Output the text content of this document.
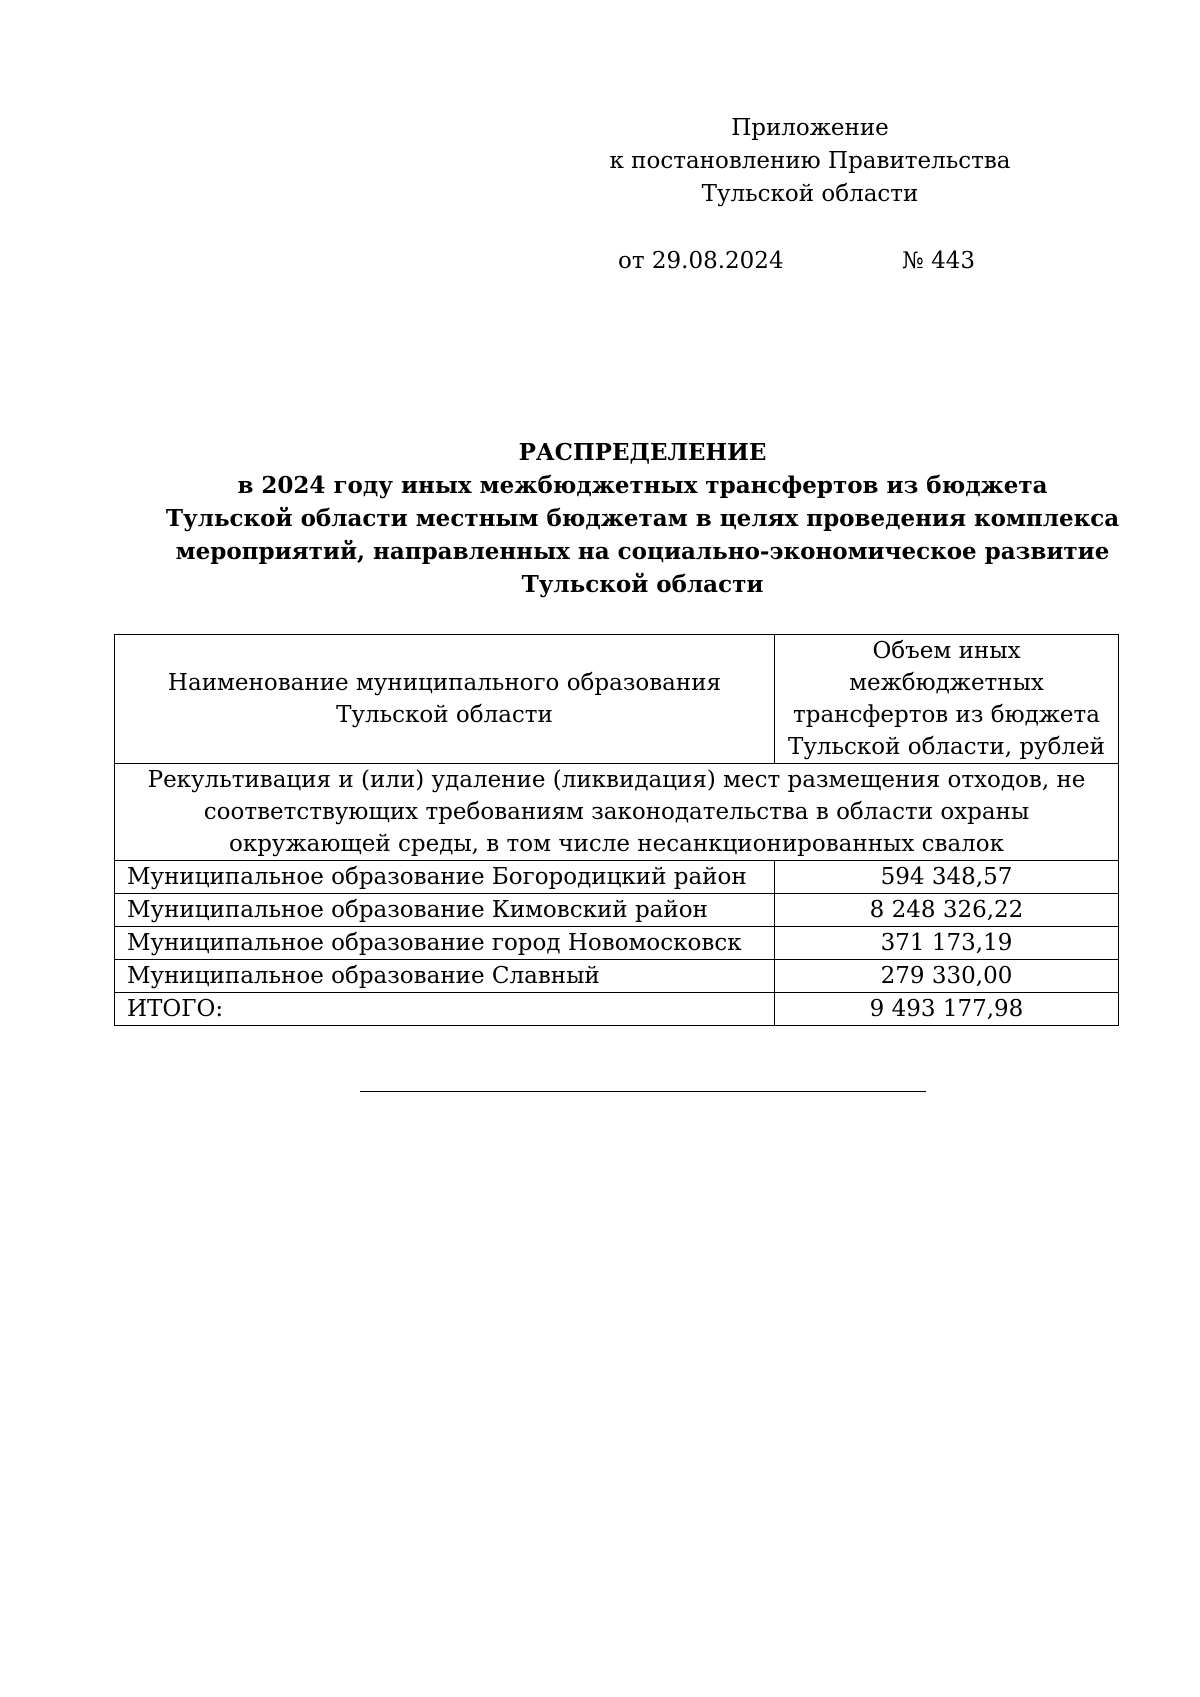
Приложение
к постановлению Правительства
Тульской области
от 29.08.2024	№ 443
РАСПРЕДЕЛЕНИЕ
в 2024 году иных межбюджетных трансфертов из бюджета
Тульской области местным бюджетам в целях проведения комплекса
мероприятий, направленных на социально-экономическое развитие
Тульской области
Наименование муниципального образования Тульской области	Объем иных межбюджетных трансфертов из бюджета Тульской области, рублей
Рекультивация и (или) удаление (ликвидация) мест размещения отходов, не соответствующих требованиям законодательства в области охраны окружающей среды, в том числе несанкционированных свалок	
Муниципальное образование Богородицкий район	594 348,57
Муниципальное образование Кимовский район	8 248 326,22
Муниципальное образование город Новомосковск	371 173,19
Муниципальное образование Славный	279 330,00
ИТОГО:	9 493 177,98
